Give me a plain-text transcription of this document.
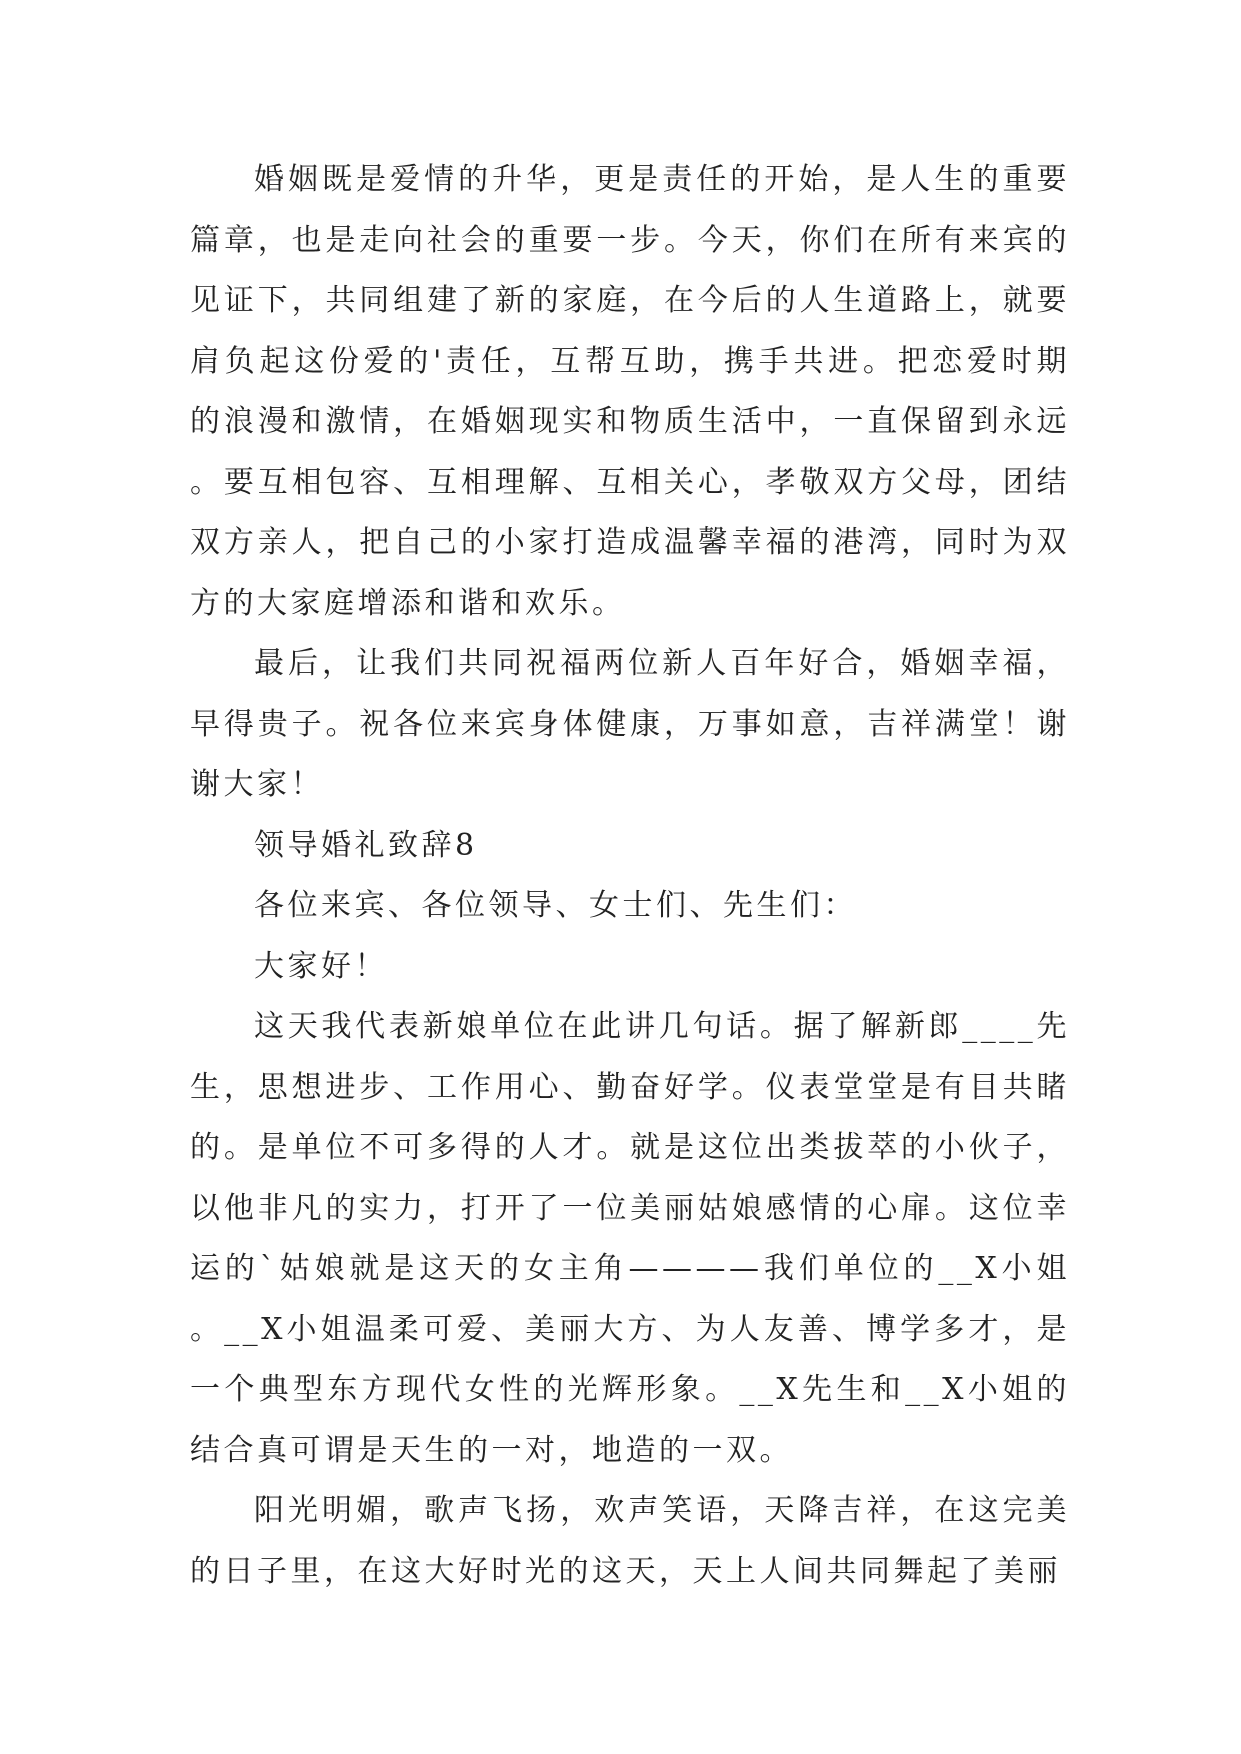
婚姻既是爱情的升华，更是责任的开始，是人生的重要篇章，也是走向社会的重要一步。今天，你们在所有来宾的见证下，共同组建了新的家庭，在今后的人生道路上，就要肩负起这份爱的'责任，互帮互助，携手共进。把恋爱时期的浪漫和激情，在婚姻现实和物质生活中，一直保留到永远。要互相包容、互相理解、互相关心，孝敬双方父母，团结双方亲人，把自己的小家打造成温馨幸福的港湾，同时为双方的大家庭增添和谐和欢乐。

最后，让我们共同祝福两位新人百年好合，婚姻幸福，早得贵子。祝各位来宾身体健康，万事如意，吉祥满堂！谢谢大家！

领导婚礼致辞8

各位来宾、各位领导、女士们、先生们：

大家好！

这天我代表新娘单位在此讲几句话。据了解新郎____先生，思想进步、工作用心、勤奋好学。仪表堂堂是有目共睹的。是单位不可多得的人才。就是这位出类拔萃的小伙子，以他非凡的实力，打开了一位美丽姑娘感情的心扉。这位幸运的`姑娘就是这天的女主角————我们单位的__X小姐。__X小姐温柔可爱、美丽大方、为人友善、博学多才，是一个典型东方现代女性的光辉形象。__X先生和__X小姐的结合真可谓是天生的一对，地造的一双。

阳光明媚，歌声飞扬，欢声笑语，天降吉祥，在这完美的日子里，在这大好时光的这天，天上人间共同舞起了美丽
